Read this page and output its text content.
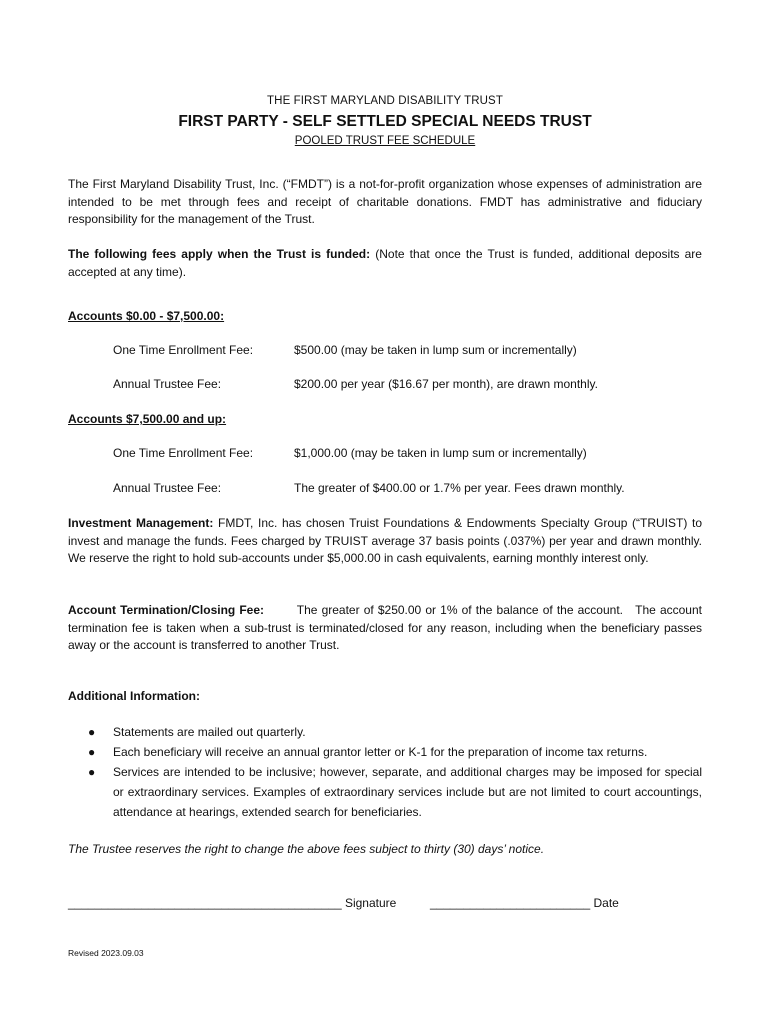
THE FIRST MARYLAND DISABILITY TRUST
FIRST PARTY - SELF SETTLED SPECIAL NEEDS TRUST
POOLED TRUST FEE SCHEDULE

The First Maryland Disability Trust, Inc. (“FMDT”) is a not-for-profit organization whose expenses of administration are intended to be met through fees and receipt of charitable donations. FMDT has administrative and fiduciary responsibility for the management of the Trust.

The following fees apply when the Trust is funded: (Note that once the Trust is funded, additional deposits are accepted at any time).

Accounts $0.00 - $7,500.00:
One Time Enrollment Fee:	$500.00 (may be taken in lump sum or incrementally)
Annual Trustee Fee:	$200.00 per year ($16.67 per month), are drawn monthly.
Accounts $7,500.00 and up:
One Time Enrollment Fee:	$1,000.00 (may be taken in lump sum or incrementally)
Annual Trustee Fee:	The greater of $400.00 or 1.7% per year. Fees drawn monthly.

Investment Management: FMDT, Inc. has chosen Truist Foundations & Endowments Specialty Group (“TRUIST) to invest and manage the funds. Fees charged by TRUIST average 37 basis points (.037%) per year and drawn monthly. We reserve the right to hold sub-accounts under $5,000.00 in cash equivalents, earning monthly interest only.

Account Termination/Closing Fee:        The greater of $250.00 or 1% of the balance of the account.   The account termination fee is taken when a sub-trust is terminated/closed for any reason, including when the beneficiary passes away or the account is transferred to another Trust.

Additional Information:
● Statements are mailed out quarterly.
● Each beneficiary will receive an annual grantor letter or K-1 for the preparation of income tax returns.
● Services are intended to be inclusive; however, separate, and additional charges may be imposed for special or extraordinary services. Examples of extraordinary services include but are not limited to court accountings, attendance at hearings, extended search for beneficiaries.
The Trustee reserves the right to change the above fees subject to thirty (30) days’ notice.
_________________________________________ Signature	________________________ Date
Revised 2023.09.03
